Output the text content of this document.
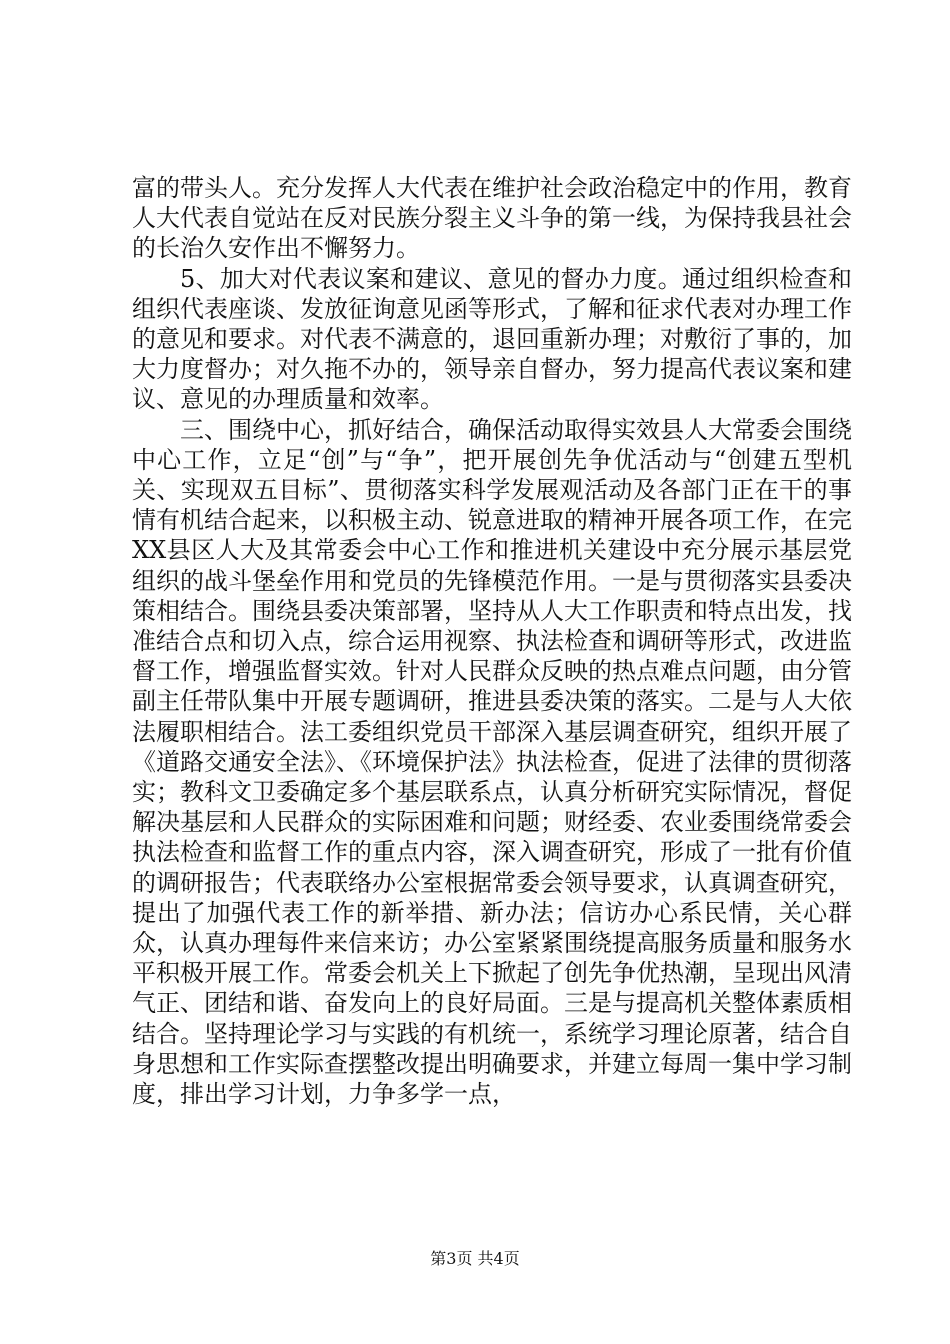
富的带头人。充分发挥人大代表在维护社会政治稳定中的作用，教育人大代表自觉站在反对民族分裂主义斗争的第一线，为保持我县社会的长治久安作出不懈努力。

5、加大对代表议案和建议、意见的督办力度。通过组织检查和组织代表座谈、发放征询意见函等形式，了解和征求代表对办理工作的意见和要求。对代表不满意的，退回重新办理；对敷衍了事的，加大力度督办；对久拖不办的，领导亲自督办，努力提高代表议案和建议、意见的办理质量和效率。

三、围绕中心，抓好结合，确保活动取得实效县人大常委会围绕中心工作，立足“创”与“争”，把开展创先争优活动与“创建五型机关、实现双五目标”、贯彻落实科学发展观活动及各部门正在干的事情有机结合起来，以积极主动、锐意进取的精神开展各项工作，在完XX县区人大及其常委会中心工作和推进机关建设中充分展示基层党组织的战斗堡垒作用和党员的先锋模范作用。一是与贯彻落实县委决策相结合。围绕县委决策部署，坚持从人大工作职责和特点出发，找准结合点和切入点，综合运用视察、执法检查和调研等形式，改进监督工作，增强监督实效。针对人民群众反映的热点难点问题，由分管副主任带队集中开展专题调研，推进县委决策的落实。二是与人大依法履职相结合。法工委组织党员干部深入基层调查研究，组织开展了《道路交通安全法》、《环境保护法》执法检查，促进了法律的贯彻落实；教科文卫委确定多个基层联系点，认真分析研究实际情况，督促解决基层和人民群众的实际困难和问题；财经委、农业委围绕常委会执法检查和监督工作的重点内容，深入调查研究，形成了一批有价值的调研报告；代表联络办公室根据常委会领导要求，认真调查研究，提出了加强代表工作的新举措、新办法；信访办心系民情，关心群众，认真办理每件来信来访；办公室紧紧围绕提高服务质量和服务水平积极开展工作。常委会机关上下掀起了创先争优热潮，呈现出风清气正、团结和谐、奋发向上的良好局面。三是与提高机关整体素质相结合。坚持理论学习与实践的有机统一，系统学习理论原著，结合自身思想和工作实际查摆整改提出明确要求，并建立每周一集中学习制度，排出学习计划，力争多学一点，

第3页 共4页
